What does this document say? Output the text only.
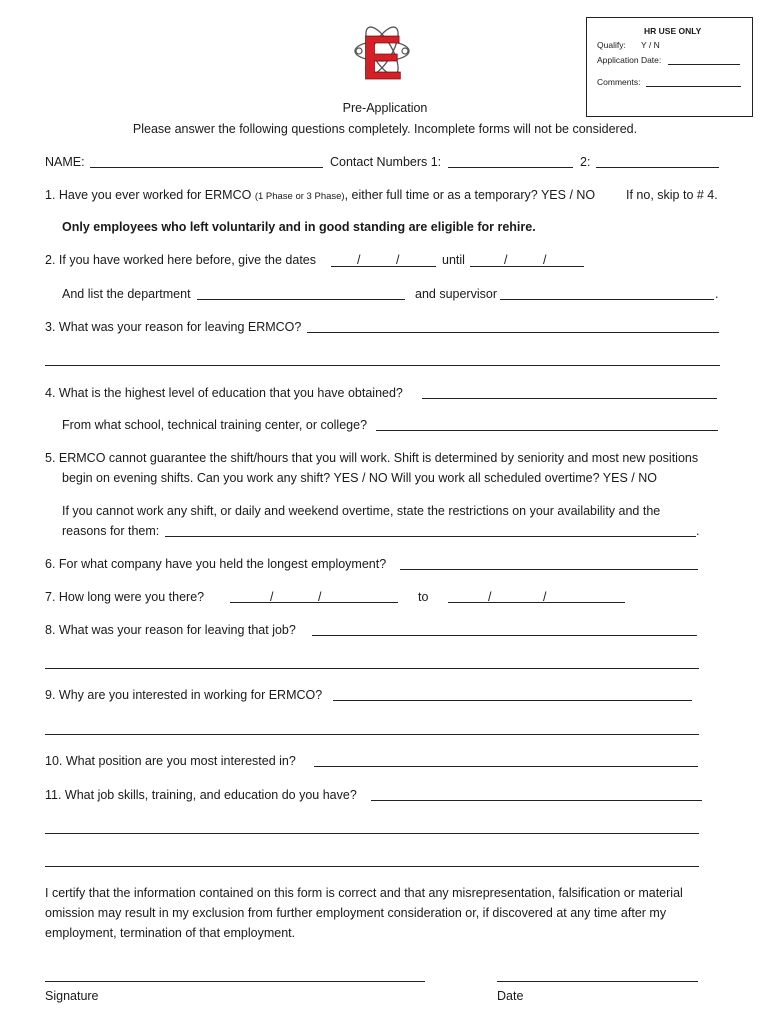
E	HR USE ONLY
Qualify: Y / N
Application Date:
Comments:
Pre-Application
Please answer the following questions completely. Incomplete forms will not be considered.
NAME:	Contact Numbers 1:	2:
1. Have you ever worked for ERMCO (1 Phase or 3 Phase), either full time or as a temporary? YES / NO If no, skip to # 4.
Only employees who left voluntarily and in good standing are eligible for rehire.
2. If you have worked here before, give the dates	/	/	until	/	/
And list the department	and supervisor	.
3. What was your reason for leaving ERMCO?
4. What is the highest level of education that you have obtained?
From what school, technical training center, or college?
5. ERMCO cannot guarantee the shift/hours that you will work. Shift is determined by seniority and most new positions
begin on evening shifts. Can you work any shift? YES / NO Will you work all scheduled overtime? YES / NO
If you cannot work any shift, or daily and weekend overtime, state the restrictions on your availability and the
reasons for them:	.
6. For what company have you held the longest employment?
7. How long were you there?	/	/	to	/	/
8. What was your reason for leaving that job?
9. Why are you interested in working for ERMCO?
10. What position are you most interested in?
11. What job skills, training, and education do you have?
I certify that the information contained on this form is correct and that any misrepresentation, falsification or material
omission may result in my exclusion from further employment consideration or, if discovered at any time after my
employment, termination of that employment.
Signature	Date
